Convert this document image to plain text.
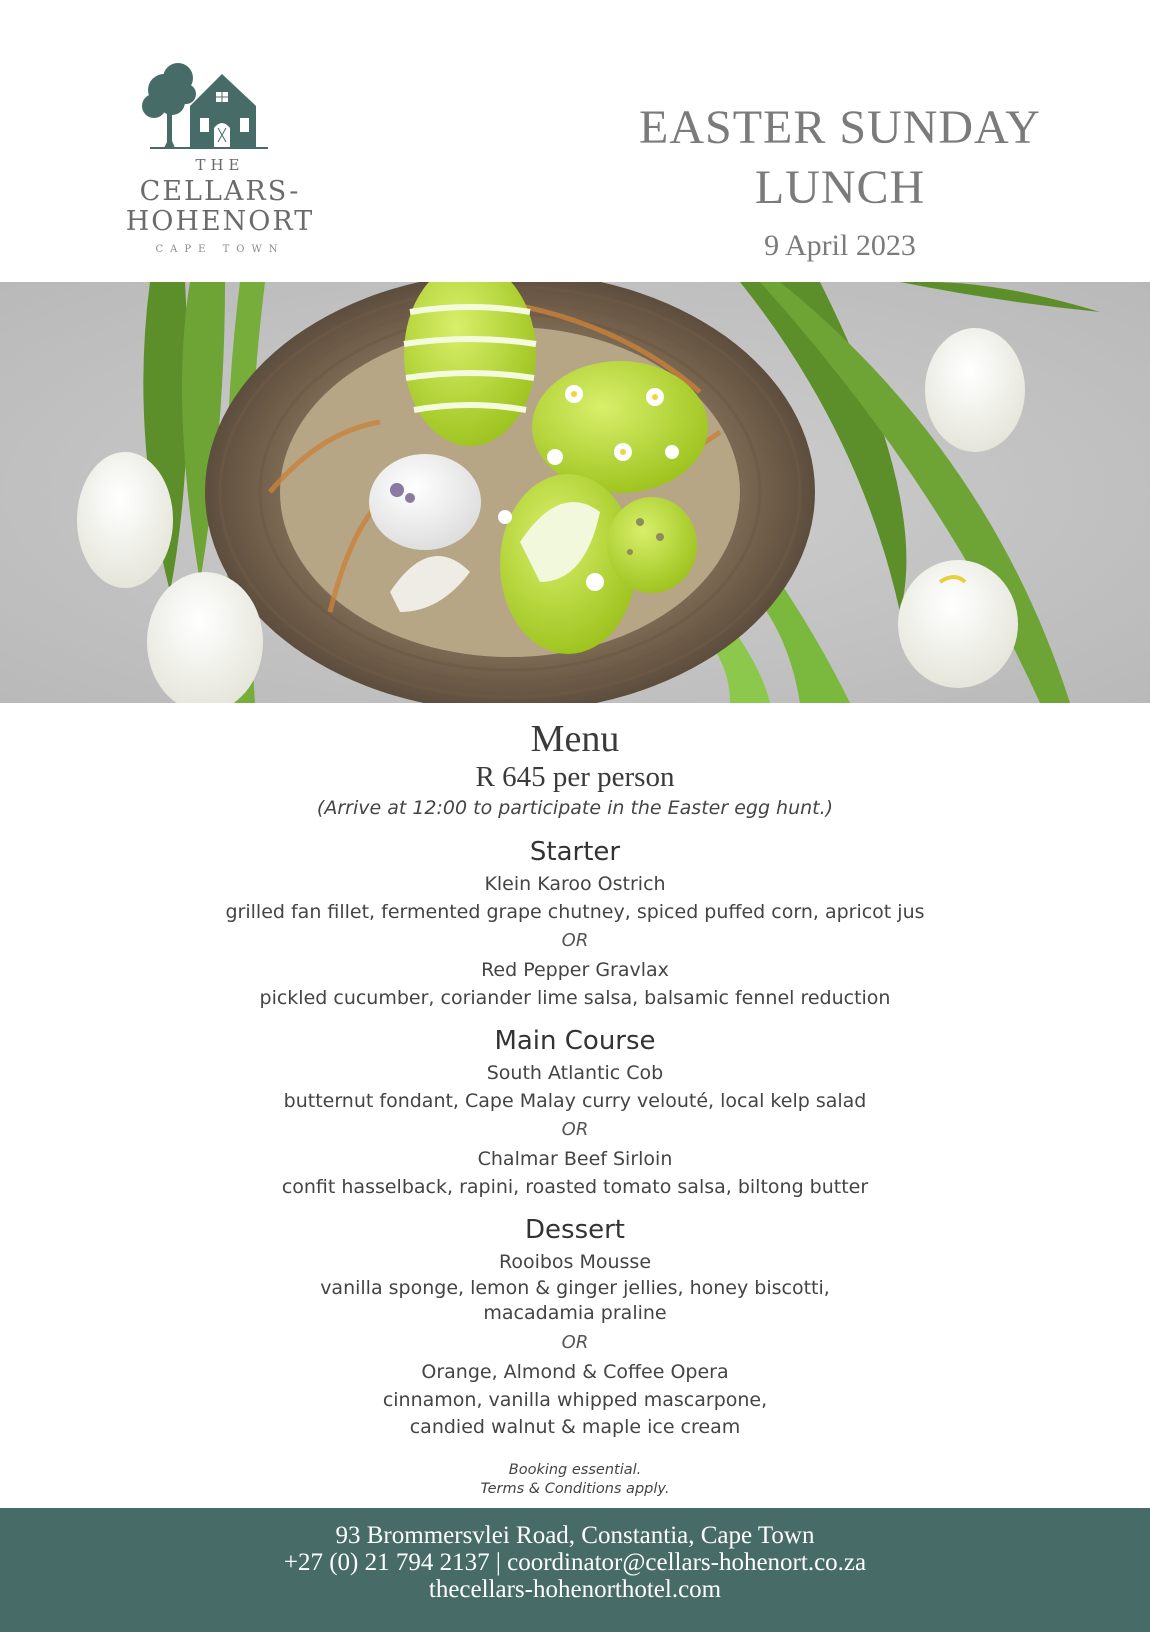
THE
CELLARS-
HOHENORT
CAPE TOWN
EASTER SUNDAY
LUNCH
9 April 2023
Menu
R 645 per person
(Arrive at 12:00 to participate in the Easter egg hunt.)
Starter
Klein Karoo Ostrich
grilled fan fillet, fermented grape chutney, spiced puffed corn, apricot jus
OR
Red Pepper Gravlax
pickled cucumber, coriander lime salsa, balsamic fennel reduction
Main Course
South Atlantic Cob
butternut fondant, Cape Malay curry velouté, local kelp salad
OR
Chalmar Beef Sirloin
confit hasselback, rapini, roasted tomato salsa, biltong butter
Dessert
Rooibos Mousse
vanilla sponge, lemon & ginger jellies, honey biscotti,
macadamia praline
OR
Orange, Almond & Coffee Opera
cinnamon, vanilla whipped mascarpone,
candied walnut & maple ice cream
Booking essential.
Terms & Conditions apply.
93 Brommersvlei Road, Constantia, Cape Town
+27 (0) 21 794 2137 | coordinator@cellars-hohenort.co.za
thecellars-hohenorthotel.com
